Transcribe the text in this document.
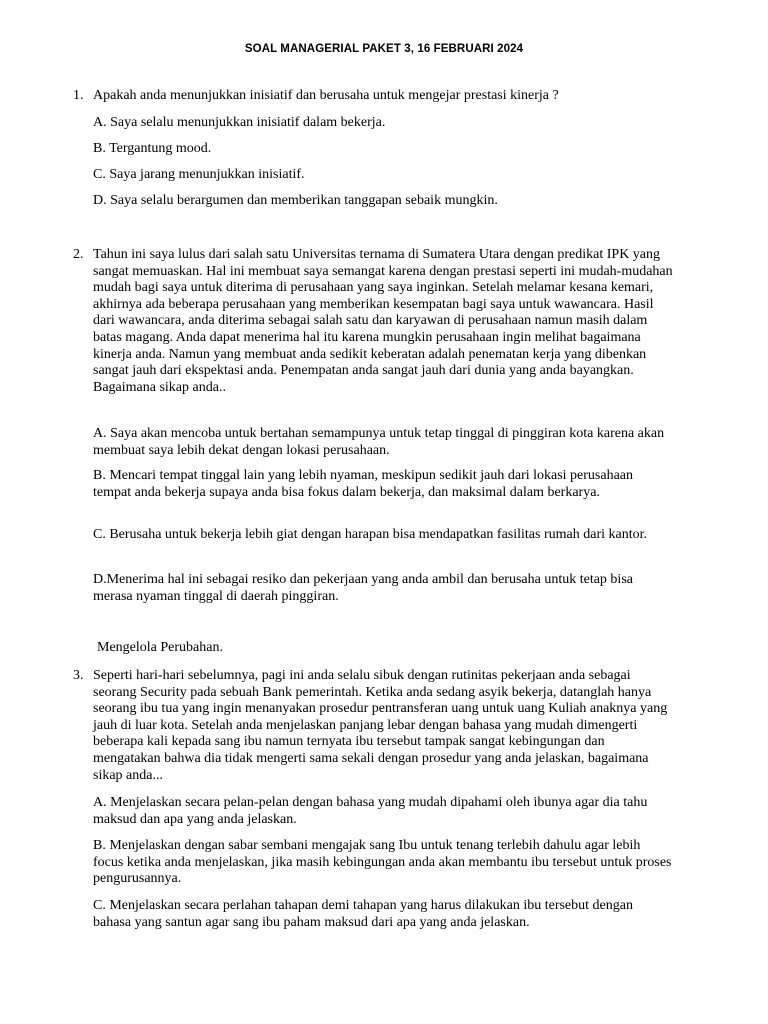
SOAL MANAGERIAL PAKET 3, 16 FEBRUARI 2024
1. Apakah anda menunjukkan inisiatif dan berusaha untuk mengejar prestasi kinerja ?

A. Saya selalu menunjukkan inisiatif dalam bekerja.

B. Tergantung mood.

C. Saya jarang menunjukkan inisiatif.

D. Saya selalu berargumen dan memberikan tanggapan sebaik mungkin.

2. Tahun ini saya lulus dari salah satu Universitas ternama di Sumatera Utara dengan predikat IPK yang sangat memuaskan. Hal ini membuat saya semangat karena dengan prestasi seperti ini mudah-mudahan mudah bagi saya untuk diterima di perusahaan yang saya inginkan. Setelah melamar kesana kemari, akhirnya ada beberapa perusahaan yang memberikan kesempatan bagi saya untuk wawancara. Hasil dari wawancara, anda diterima sebagai salah satu dan karyawan di perusahaan namun masih dalam batas magang. Anda dapat menerima hal itu karena mungkin perusahaan ingin melihat bagaimana kinerja anda. Namun yang membuat anda sedikit keberatan adalah penematan kerja yang dibenkan sangat jauh dari ekspektasi anda. Penempatan anda sangat jauh dari dunia yang anda bayangkan. Bagaimana sikap anda..

A. Saya akan mencoba untuk bertahan semampunya untuk tetap tinggal di pinggiran kota karena akan membuat saya lebih dekat dengan lokasi perusahaan.

B. Mencari tempat tinggal lain yang lebih nyaman, meskipun sedikit jauh dari lokasi perusahaan tempat anda bekerja supaya anda bisa fokus dalam bekerja, dan maksimal dalam berkarya.

C. Berusaha untuk bekerja lebih giat dengan harapan bisa mendapatkan fasilitas rumah dari kantor.

D.Menerima hal ini sebagai resiko dan pekerjaan yang anda ambil dan berusaha untuk tetap bisa merasa nyaman tinggal di daerah pinggiran.

Mengelola Perubahan.
3. Seperti hari-hari sebelumnya, pagi ini anda selalu sibuk dengan rutinitas pekerjaan anda sebagai seorang Security pada sebuah Bank pemerintah. Ketika anda sedang asyik bekerja, datanglah hanya seorang ibu tua yang ingin menanyakan prosedur pentransferan uang untuk uang Kuliah anaknya yang jauh di luar kota. Setelah anda menjelaskan panjang lebar dengan bahasa yang mudah dimengerti beberapa kali kepada sang ibu namun ternyata ibu tersebut tampak sangat kebingungan dan mengatakan bahwa dia tidak mengerti sama sekali dengan prosedur yang anda jelaskan, bagaimana sikap anda...

A. Menjelaskan secara pelan-pelan dengan bahasa yang mudah dipahami oleh ibunya agar dia tahu maksud dan apa yang anda jelaskan.

B. Menjelaskan dengan sabar sembani mengajak sang Ibu untuk tenang terlebih dahulu agar lebih focus ketika anda menjelaskan, jika masih kebingungan anda akan membantu ibu tersebut untuk proses pengurusannya.

C. Menjelaskan secara perlahan tahapan demi tahapan yang harus dilakukan ibu tersebut dengan bahasa yang santun agar sang ibu paham maksud dari apa yang anda jelaskan.
